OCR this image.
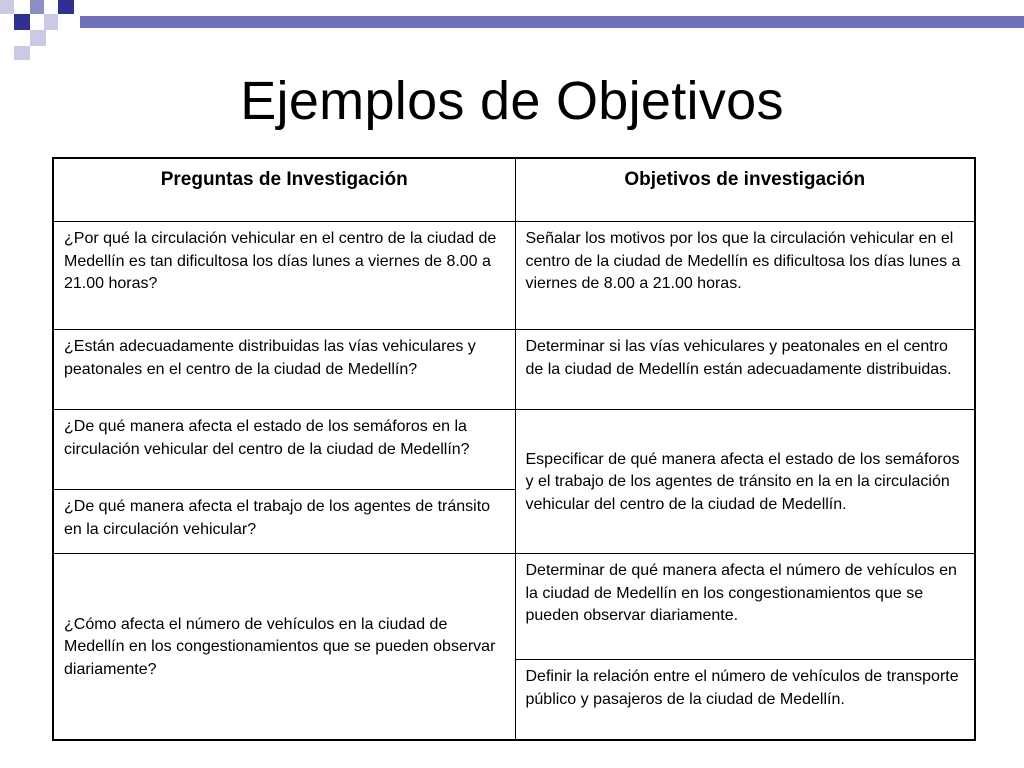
Ejemplos de Objetivos
Preguntas de Investigación	Objetivos de investigación
¿Por qué la circulación vehicular en el centro de la ciudad de Medellín es tan dificultosa los días lunes a viernes de 8.00 a 21.00 horas?	Señalar los motivos por los que la circulación vehicular en el centro de la ciudad de Medellín es dificultosa los días lunes a viernes de 8.00 a 21.00 horas.
¿Están adecuadamente distribuidas las vías vehiculares y peatonales en el centro de la ciudad de Medellín?	Determinar si las vías vehiculares y peatonales en el centro de la ciudad de Medellín están adecuadamente distribuidas.
¿De qué manera afecta el estado de los semáforos en la circulación vehicular del centro de la ciudad de Medellín?	Especificar de qué manera afecta el estado de los semáforos y el trabajo de los agentes de tránsito en la en la circulación vehicular del centro de la ciudad de Medellín.
¿De qué manera afecta el trabajo de los agentes de tránsito en la circulación vehicular?	
¿Cómo afecta el número de vehículos en la ciudad de Medellín en los congestionamientos que se pueden observar diariamente?	Determinar de qué manera afecta el número de vehículos en la ciudad de Medellín en los congestionamientos que se pueden observar diariamente.
	Definir la relación entre el número de vehículos de transporte público y pasajeros de la ciudad de Medellín.
